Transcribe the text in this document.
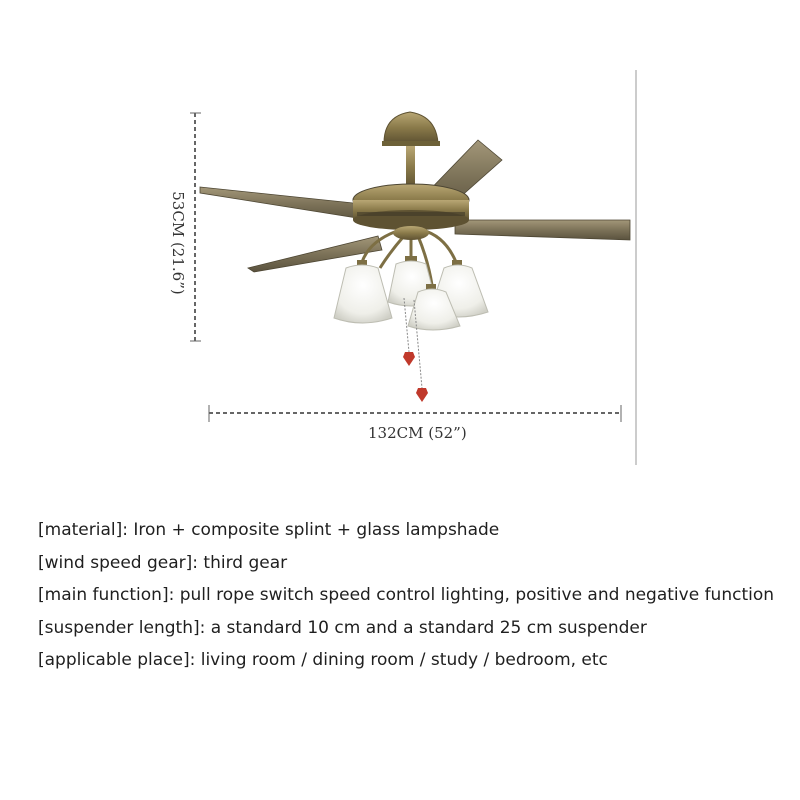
132CM (52”)
53CM (21.6”)
[material]: Iron + composite splint + glass lampshade
[wind speed gear]: third gear
[main function]: pull rope switch speed control lighting, positive and negative function
[suspender length]: a standard 10 cm and a standard 25 cm suspender
[applicable place]: living room / dining room / study / bedroom, etc
